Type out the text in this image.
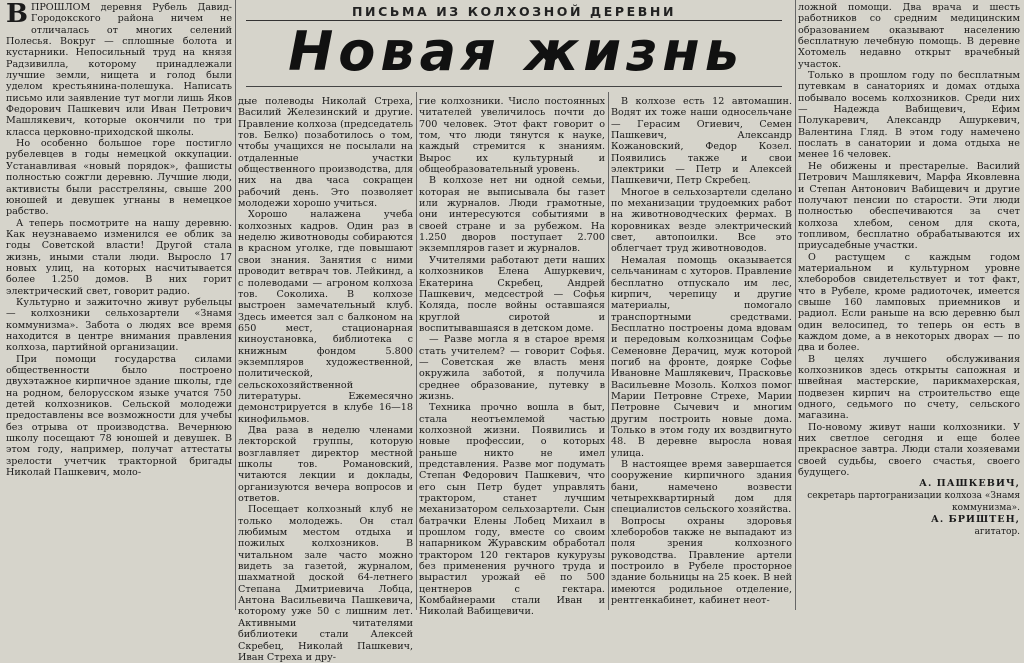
ПИСЬМА ИЗ КОЛХОЗНОЙ ДЕРЕВНИ
Новая жизнь

ВПРОШЛОМ деревня Рубель Давид-Городокского района ничем не отличалась от многих селений Полесья. Вокруг — сплошные болота и кустарники. Непосильный труд на князя Радзивилла, которому принадлежали лучшие земли, нищета и голод были уделом крестьянина-полешука. Написать письмо или заявление тут могли лишь Яков Федорович Пашкевич или Иван Петрович Машлякевич, которые окончили по три класса церковно-приходской школы.

Но особенно большое горе постигло рубелевцев в годы немецкой оккупации. Устанавливая «новый порядок», фашисты полностью сожгли деревню. Лучшие люди, активисты были расстреляны, свыше 200 юношей и девушек угнаны в немецкое рабство.

А теперь посмотрите на нашу деревню. Как неузнаваемо изменился ее облик за годы Советской власти! Другой стала жизнь, иными стали люди. Выросло 17 новых улиц, на которых насчитывается более 1.250 домов. В них горит электрический свет, говорит радио.

Культурно и зажиточно живут рубельцы — колхозники сельхозартели «Знамя коммунизма». Забота о людях все время находится в центре внимания правления колхоза, партийной организации.

При помощи государства силами общественности было построено двухэтажное кирпичное здание школы, где на родном, белорусском языке учатся 750 детей колхозников. Сельской молодежи предоставлены все возможности для учебы без отрыва от производства. Вечернюю школу посещают 78 юношей и девушек. В этом году, например, получат аттестаты зрелости учетчик тракторной бригады Николай Пашкевич, моло-

дые полеводы Николай Стреха, Василий Железинский и другие. Правление колхоза (председатель тов. Белко) позаботилось о том, чтобы учащихся не посылали на отдаленные участки общественного производства, для них на два часа сокращен рабочий день. Это позволяет молодежи хорошо учиться.

Хорошо налажена учеба колхозных кадров. Один раз в неделю животноводы собираются в красном уголке, где повышают свои знания. Занятия с ними проводит ветврач тов. Лейкинд, а с полеводами — агроном колхоза тов. Соколиха. В колхозе выстроен замечательный клуб. Здесь имеется зал с балконом на 650 мест, стационарная киноустановка, библиотека с книжным фондом 5.800 экземпляров художественной, политической, сельскохозяйственной литературы. Ежемесячно демонстрируется в клубе 16—18 кинофильмов.

Два раза в неделю членами лекторской группы, которую возглавляет директор местной школы тов. Романовский, читаются лекции и доклады, организуются вечера вопросов и ответов.

Посещает колхозный клуб не только молодежь. Он стал любимым местом отдыха и пожилых колхозников. В читальном зале часто можно видеть за газетой, журналом, шахматной доской 64-летнего Степана Дмитриевича Лобца, Антона Васильевича Пашкевича, которому уже 50 с лишним лет. Активными читателями библиотеки стали Алексей Скребец, Николай Пашкевич, Иван Стреха и дру-

гие колхозники. Число постоянных читателей увеличилось почти до 700 человек. Этот факт говорит о том, что люди тянутся к науке, каждый стремится к знаниям. Вырос их культурный и общеобразовательный уровень.

В колхозе нет ни одной семьи, которая не выписывала бы газет или журналов. Люди грамотные, они интересуются событиями в своей стране и за рубежом. На 1.250 дворов поступает 2.700 экземпляров газет и журналов.

Учителями работают дети наших колхозников Елена Ашуркевич, Екатерина Скребец, Андрей Пашкевич, медсестрой — Софья Коляда, после войны оставшаяся круглой сиротой и воспитывавшаяся в детском доме.

— Разве могла я в старое время стать учителем? — говорит Софья. — Советская же власть меня окружила заботой, я получила среднее образование, путевку в жизнь.

Техника прочно вошла в быт, стала неотъемлемой частью колхозной жизни. Появились и новые профессии, о которых раньше никто не имел представления. Разве мог подумать Степан Федорович Пашкевич, что его сын Петр будет управлять трактором, станет лучшим механизатором сельхозартели. Сын батрачки Елены Лобец Михаил в прошлом году, вместе со своим напарником Журавским обработал трактором 120 гектаров кукурузы без применения ручного труда и вырастил урожай её по 500 центнеров с гектара. Комбайнерами стали Иван и Николай Вабищевичи.

В колхозе есть 12 автомашин. Водят их тоже наши односельчане — Герасим Огиевич, Семен Пашкевич, Александр Кожановский, Федор Козел. Появились также и свои электрики — Петр и Алексей Пашкевичи, Петр Скребец.

Многое в сельхозартели сделано по механизации трудоемких работ на животноводческих фермах. В коровниках везде электрический свет, автопоилки. Все это облегчает труд животноводов.

Немалая помощь оказывается сельчанинам с хуторов. Правление бесплатно отпускало им лес, кирпич, черепицу и другие материалы, помогало транспортными средствами. Бесплатно построены дома вдовам и передовым колхозницам Софье Семеновне Дерачиц, муж которой погиб на фронте, доярке Софье Ивановне Машлякевич, Прасковье Васильевне Мозоль. Колхоз помог Марии Петровне Стрехе, Марии Петровне Сычевич и многим другим построить новые дома. Только в этом году их воздвигнуто 48. В деревне выросла новая улица.

В настоящее время завершается сооружение кирпичного здания бани, намечено возвести четырехквартирный дом для специалистов сельского хозяйства.

Вопросы охраны здоровья хлеборобов также не выпадают из поля зрения колхозного руководства. Правление артели построило в Рубеле просторное здание больницы на 25 коек. В ней имеются родильное отделение, рентгенкабинет, кабинет неот-

ложной помощи. Два врача и шесть работников со средним медицинским образованием оказывают населению бесплатную лечебную помощь. В деревне Хотомель недавно открыт врачебный участок.

Только в прошлом году по бесплатным путевкам в санаториях и домах отдыха побывало восемь колхозников. Среди них — Надежда Вабищевич, Ефим Полукаревич, Александр Ашуркевич, Валентина Гляд. В этом году намечено послать в санатории и дома отдыха не менее 16 человек.

Не обижены и престарелые. Василий Петрович Машлякевич, Марфа Яковлевна и Степан Антонович Вабищевич и другие получают пенсии по старости. Эти люди полностью обеспечиваются за счет колхоза хлебом, сеном для скота, топливом, бесплатно обрабатываются их приусадебные участки.

О растущем с каждым годом материальном и культурном уровне хлеборобов свидетельствует и тот факт, что в Рубеле, кроме радиоточек, имеется свыше 160 ламповых приемников и радиол. Если раньше на всю деревню был один велосипед, то теперь он есть в каждом доме, а в некоторых дворах — по два и более.

В целях лучшего обслуживания колхозников здесь открыты сапожная и швейная мастерские, парикмахерская, подвезен кирпич на строительство еще одного, седьмого по счету, сельского магазина.

По-новому живут наши колхозники. У них светлое сегодня и еще более прекрасное завтра. Люди стали хозяевами своей судьбы, своего счастья, своего будущего.

А. ПАШКЕВИЧ,

секретарь партогранизации колхоза «Знамя коммунизма».

А. БРИШТЕН,

агитатор.
